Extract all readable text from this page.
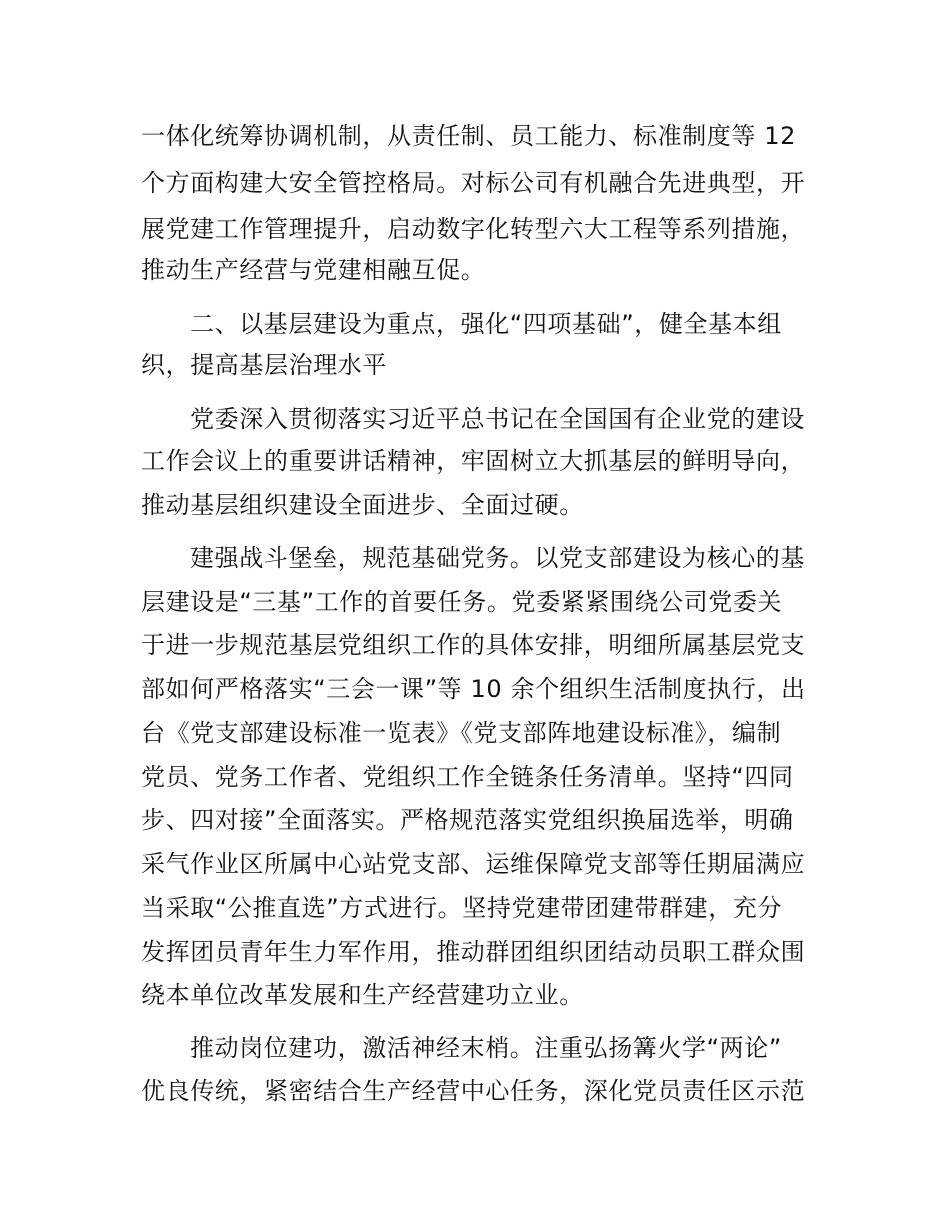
一体化统筹协调机制，从责任制、员工能力、标准制度等 12
个方面构建大安全管控格局。对标公司有机融合先进典型，开
展党建工作管理提升，启动数字化转型六大工程等系列措施，
推动生产经营与党建相融互促。
二、以基层建设为重点，强化“四项基础”，健全基本组
织，提高基层治理水平
党委深入贯彻落实习近平总书记在全国国有企业党的建设
工作会议上的重要讲话精神，牢固树立大抓基层的鲜明导向，
推动基层组织建设全面进步、全面过硬。
建强战斗堡垒，规范基础党务。以党支部建设为核心的基
层建设是“三基”工作的首要任务。党委紧紧围绕公司党委关
于进一步规范基层党组织工作的具体安排，明细所属基层党支
部如何严格落实“三会一课”等 10 余个组织生活制度执行，出
台《党支部建设标准一览表》《党支部阵地建设标准》，编制
党员、党务工作者、党组织工作全链条任务清单。坚持“四同
步、四对接”全面落实。严格规范落实党组织换届选举，明确
采气作业区所属中心站党支部、运维保障党支部等任期届满应
当采取“公推直选”方式进行。坚持党建带团建带群建，充分
发挥团员青年生力军作用，推动群团组织团结动员职工群众围
绕本单位改革发展和生产经营建功立业。
推动岗位建功，激活神经末梢。注重弘扬篝火学“两论”
优良传统，紧密结合生产经营中心任务，深化党员责任区示范
